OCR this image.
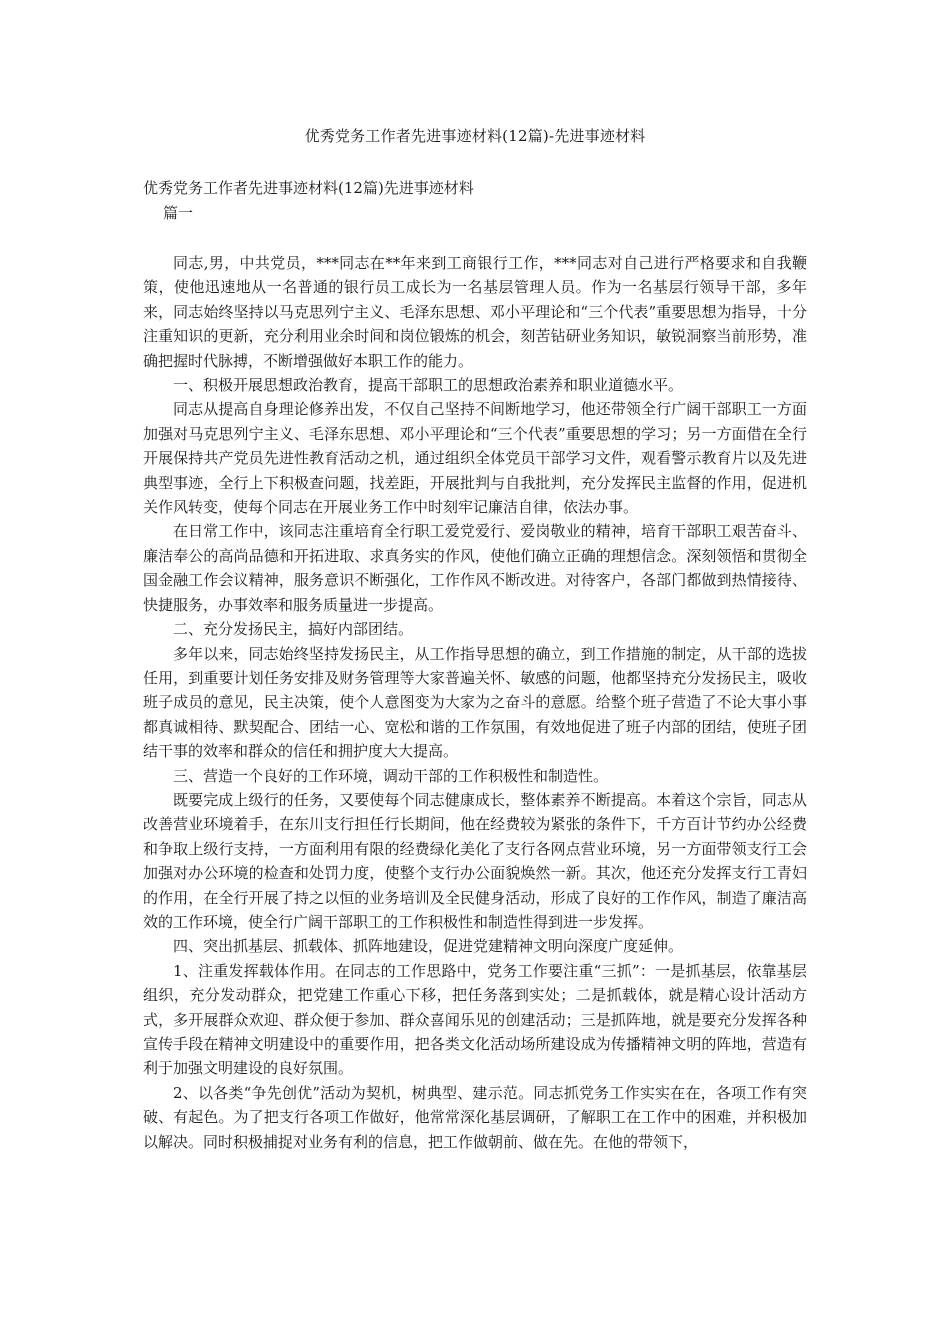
优秀党务工作者先进事迹材料(12篇)-先进事迹材料
优秀党务工作者先进事迹材料(12篇)先进事迹材料
篇一

同志,男，中共党员，***同志在**年来到工商银行工作，***同志对自己进行严格要求和自我鞭策，使他迅速地从一名普通的银行员工成长为一名基层管理人员。作为一名基层行领导干部，多年来，同志始终坚持以马克思列宁主义、毛泽东思想、邓小平理论和“三个代表”重要思想为指导，十分注重知识的更新，充分利用业余时间和岗位锻炼的机会，刻苦钻研业务知识，敏锐洞察当前形势，准确把握时代脉搏，不断增强做好本职工作的能力。

一、积极开展思想政治教育，提高干部职工的思想政治素养和职业道德水平。

同志从提高自身理论修养出发，不仅自己坚持不间断地学习，他还带领全行广阔干部职工一方面加强对马克思列宁主义、毛泽东思想、邓小平理论和“三个代表”重要思想的学习；另一方面借在全行开展保持共产党员先进性教育活动之机，通过组织全体党员干部学习文件，观看警示教育片以及先进典型事迹，全行上下积极查问题，找差距，开展批判与自我批判，充分发挥民主监督的作用，促进机关作风转变，使每个同志在开展业务工作中时刻牢记廉洁自律，依法办事。

在日常工作中，该同志注重培育全行职工爱党爱行、爱岗敬业的精神，培育干部职工艰苦奋斗、廉洁奉公的高尚品德和开拓进取、求真务实的作风，使他们确立正确的理想信念。深刻领悟和贯彻全国金融工作会议精神，服务意识不断强化，工作作风不断改进。对待客户，各部门都做到热情接待、快捷服务，办事效率和服务质量进一步提高。

二、充分发扬民主，搞好内部团结。

多年以来，同志始终坚持发扬民主，从工作指导思想的确立，到工作措施的制定，从干部的选拔任用，到重要计划任务安排及财务管理等大家普遍关怀、敏感的问题，他都坚持充分发扬民主，吸收班子成员的意见，民主决策，使个人意图变为大家为之奋斗的意愿。给整个班子营造了不论大事小事都真诚相待、默契配合、团结一心、宽松和谐的工作氛围，有效地促进了班子内部的团结，使班子团结干事的效率和群众的信任和拥护度大大提高。

三、营造一个良好的工作环境，调动干部的工作积极性和制造性。

既要完成上级行的任务，又要使每个同志健康成长，整体素养不断提高。本着这个宗旨，同志从改善营业环境着手，在东川支行担任行长期间，他在经费较为紧张的条件下，千方百计节约办公经费和争取上级行支持，一方面利用有限的经费绿化美化了支行各网点营业环境，另一方面带领支行工会加强对办公环境的检查和处罚力度，使整个支行办公面貌焕然一新。其次，他还充分发挥支行工青妇的作用，在全行开展了持之以恒的业务培训及全民健身活动，形成了良好的工作作风，制造了廉洁高效的工作环境，使全行广阔干部职工的工作积极性和制造性得到进一步发挥。

四、突出抓基层、抓载体、抓阵地建设，促进党建精神文明向深度广度延伸。

1、注重发挥载体作用。在同志的工作思路中，党务工作要注重“三抓”：一是抓基层，依靠基层组织，充分发动群众，把党建工作重心下移，把任务落到实处；二是抓载体，就是精心设计活动方式，多开展群众欢迎、群众便于参加、群众喜闻乐见的创建活动；三是抓阵地，就是要充分发挥各种宣传手段在精神文明建设中的重要作用，把各类文化活动场所建设成为传播精神文明的阵地，营造有利于加强文明建设的良好氛围。

2、以各类“争先创优”活动为契机，树典型、建示范。同志抓党务工作实实在在，各项工作有突破、有起色。为了把支行各项工作做好，他常常深化基层调研，了解职工在工作中的困难，并积极加以解决。同时积极捕捉对业务有利的信息，把工作做朝前、做在先。在他的带领下，
